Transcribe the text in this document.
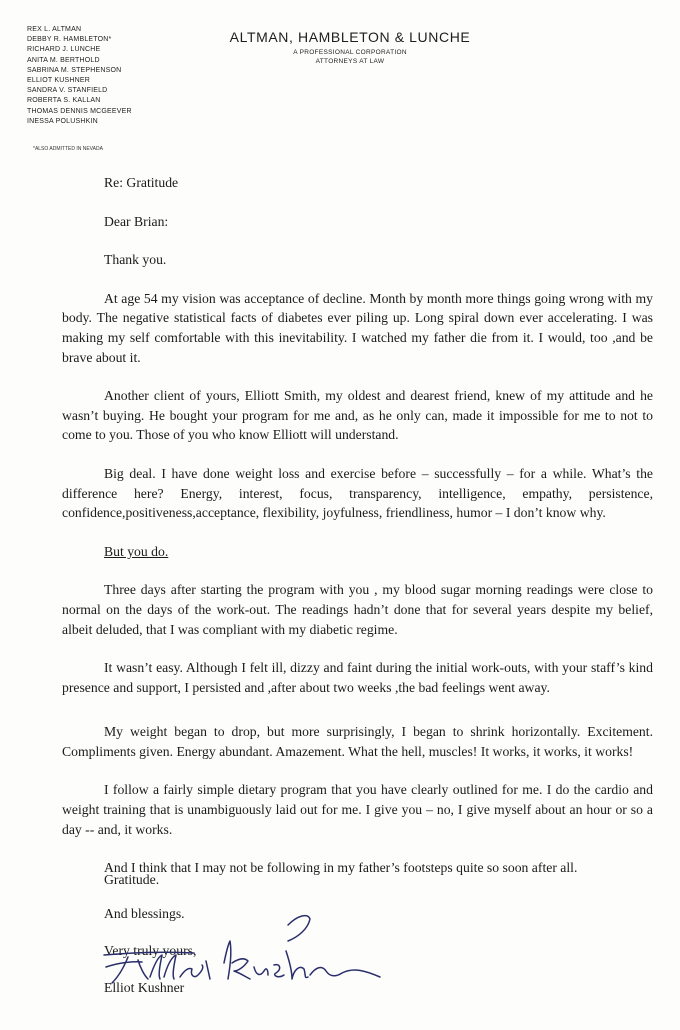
REX L. ALTMAN
DEBBY R. HAMBLETON*
RICHARD J. LUNCHE
ANITA M. BERTHOLD
SABRINA M. STEPHENSON
ELLIOT KUSHNER
SANDRA V. STANFIELD
ROBERTA S. KALLAN
THOMAS DENNIS MCGEEVER
INESSA POLUSHKIN
*ALSO ADMITTED IN NEVADA
ALTMAN, HAMBLETON & LUNCHE
A PROFESSIONAL CORPORATION
ATTORNEYS AT LAW

Re: Gratitude

Dear Brian:

Thank you.

At age 54 my vision was acceptance of decline. Month by month more things going wrong with my body. The negative statistical facts of diabetes ever piling up. Long spiral down ever accelerating. I was making my self comfortable with this inevitability. I watched my father die from it. I would, too ,and be brave about it.

Another client of yours, Elliott Smith, my oldest and dearest friend, knew of my attitude and he wasn’t buying. He bought your program for me and, as he only can, made it impossible for me to not to come to you. Those of you who know Elliott will understand.

Big deal. I have done weight loss and exercise before – successfully – for a while. What’s the difference here? Energy, interest, focus, transparency, intelligence, empathy, persistence, confidence,positiveness,acceptance, flexibility, joyfulness, friendliness, humor – I don’t know why.

But you do.

Three days after starting the program with you , my blood sugar morning readings were close to normal on the days of the work-out. The readings hadn’t done that for several years despite my belief, albeit deluded, that I was compliant with my diabetic regime.

It wasn’t easy. Although I felt ill, dizzy and faint during the initial work-outs, with your staff’s kind presence and support, I persisted and ,after about two weeks ,the bad feelings went away.

My weight began to drop, but more surprisingly, I began to shrink horizontally. Excitement. Compliments given. Energy abundant. Amazement. What the hell, muscles! It works, it works, it works!

I follow a fairly simple dietary program that you have clearly outlined for me. I do the cardio and weight training that is unambiguously laid out for me. I give you – no, I give myself about an hour or so a day -- and, it works.

And I think that I may not be following in my father’s footsteps quite so soon after all.

Gratitude.
And blessings.
Very truly yours,
Elliot Kushner
